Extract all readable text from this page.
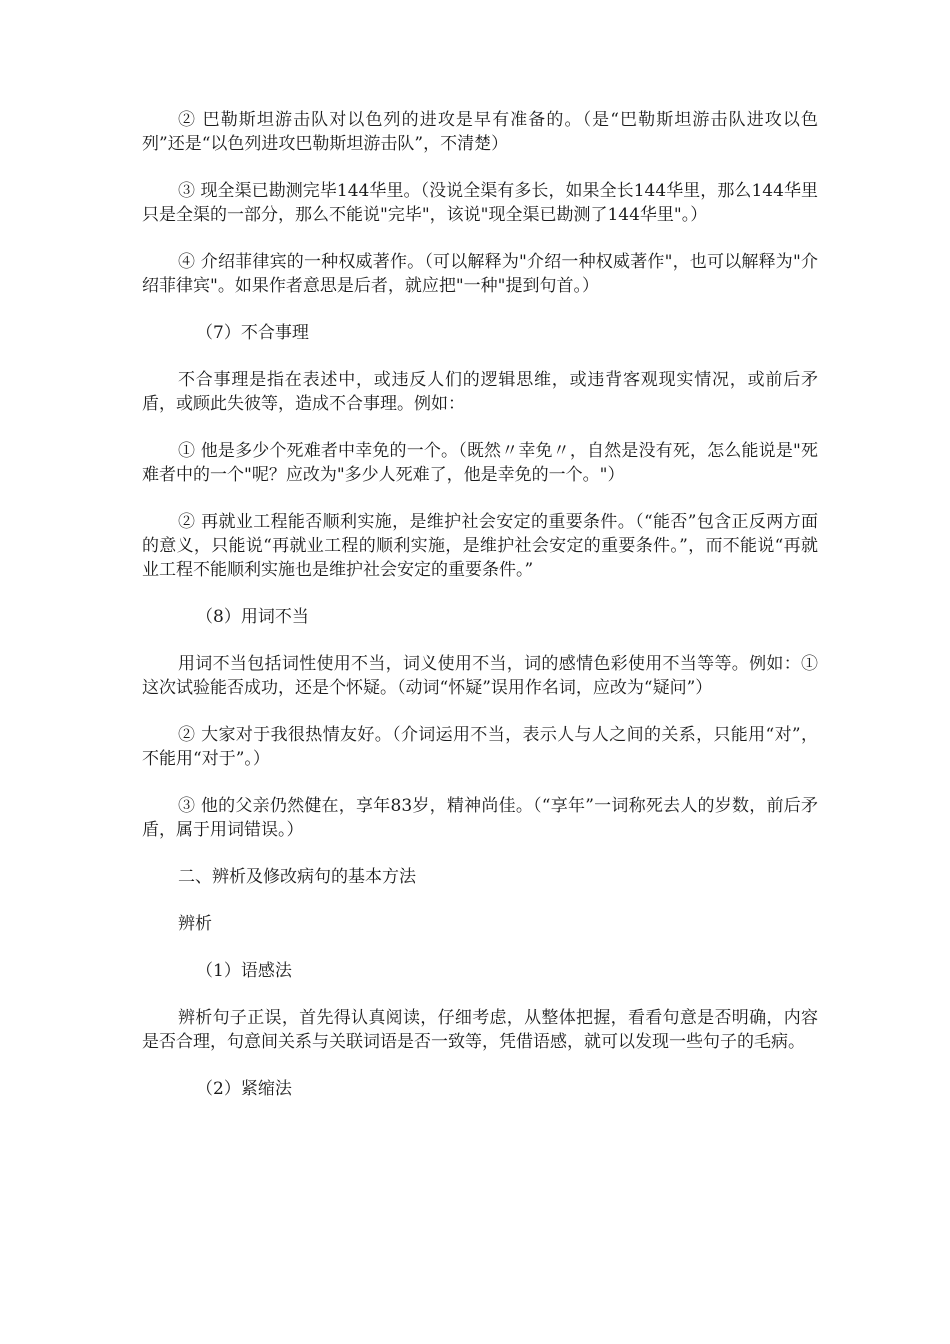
② 巴勒斯坦游击队对以色列的进攻是早有准备的。（是“巴勒斯坦游击队进攻以色列”还是“以色列进攻巴勒斯坦游击队”，不清楚）

③ 现全渠已勘测完毕144华里。（没说全渠有多长，如果全长144华里，那么144华里只是全渠的一部分，那么不能说"完毕"，该说"现全渠已勘测了144华里"。）

④ 介绍菲律宾的一种权威著作。（可以解释为"介绍一种权威著作"，也可以解释为"介绍菲律宾"。如果作者意思是后者，就应把"一种"提到句首。）

（7）不合事理

不合事理是指在表述中，或违反人们的逻辑思维，或违背客观现实情况，或前后矛盾，或顾此失彼等，造成不合事理。例如：

① 他是多少个死难者中幸免的一个。（既然〃幸免〃，自然是没有死，怎么能说是"死难者中的一个"呢？应改为"多少人死难了，他是幸免的一个。"）

② 再就业工程能否顺利实施，是维护社会安定的重要条件。（“能否”包含正反两方面的意义，只能说“再就业工程的顺利实施，是维护社会安定的重要条件。”，而不能说“再就业工程不能顺利实施也是维护社会安定的重要条件。”

（8）用词不当

用词不当包括词性使用不当，词义使用不当，词的感情色彩使用不当等等。例如：①这次试验能否成功，还是个怀疑。（动词“怀疑”误用作名词，应改为“疑问”）

② 大家对于我很热情友好。（介词运用不当，表示人与人之间的关系，只能用“对”，不能用“对于”。）

③ 他的父亲仍然健在，享年83岁，精神尚佳。（“享年”一词称死去人的岁数，前后矛盾，属于用词错误。）

二、辨析及修改病句的基本方法

辨析

（1）语感法

辨析句子正误，首先得认真阅读，仔细考虑，从整体把握，看看句意是否明确，内容是否合理，句意间关系与关联词语是否一致等，凭借语感，就可以发现一些句子的毛病。

（2）紧缩法
